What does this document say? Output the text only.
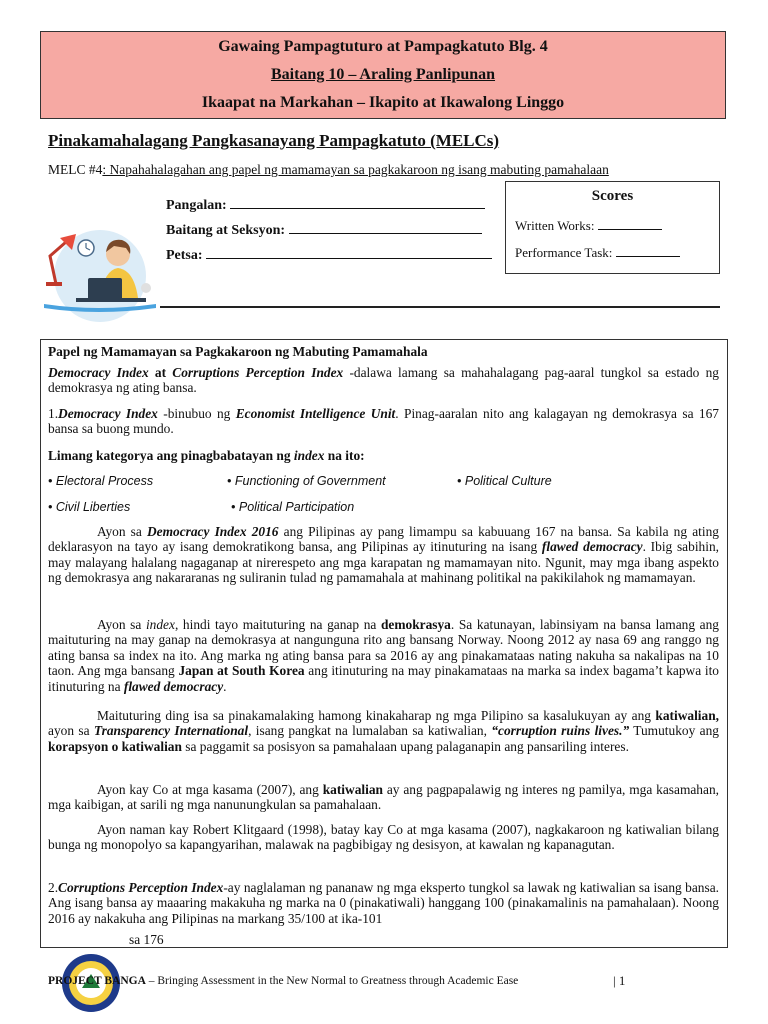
Gawaing Pampagtuturo at Pampagkatuto Blg. 4
Baitang 10 – Araling Panlipunan
Ikaapat na Markahan – Ikapito at Ikawalong Linggo
Pinakamahalagang Pangkasanayang Pampagkatuto (MELCs)
MELC #4: Napahahalagahan ang papel ng mamamayan sa pagkakaroon ng isang mabuting pamahalaan
Pangalan:
Baitang at Seksyon:
Petsa:
Scores
Written Works:
Performance Task:
Papel ng Mamamayan sa Pagkakaroon ng Mabuting Pamamahala

Democracy Index at Corruptions Perception Index -dalawa lamang sa mahahalagang pag-aaral tungkol sa estado ng demokrasya ng ating bansa.

1.Democracy Index -binubuo ng Economist Intelligence Unit. Pinag-aaralan nito ang kalagayan ng demokrasya sa 167 bansa sa buong mundo.

Limang kategorya ang pinagbabatayan ng index na ito:

• Electoral Process	• Functioning of Government	• Political Culture
• Civil Liberties	• Political Participation

Ayon sa Democracy Index 2016 ang Pilipinas ay pang limampu sa kabuuang 167 na bansa. Sa kabila ng ating deklarasyon na tayo ay isang demokratikong bansa, ang Pilipinas ay itinuturing na isang flawed democracy. Ibig sabihin, may malayang halalang nagaganap at nirerespeto ang mga karapatan ng mamamayan nito. Ngunit, may mga ibang aspekto ng demokrasya ang nakararanas ng suliranin tulad ng pamamahala at mahinang politikal na pakikilahok ng mamamayan.

Ayon sa index, hindi tayo maituturing na ganap na demokrasya. Sa katunayan, labinsiyam na bansa lamang ang maituturing na may ganap na demokrasya at nangunguna rito ang bansang Norway. Noong 2012 ay nasa 69 ang ranggo ng ating bansa sa index na ito. Ang marka ng ating bansa para sa 2016 ay ang pinakamataas nating nakuha sa nakalipas na 10 taon. Ang mga bansang Japan at South Korea ang itinuturing na may pinakamataas na marka sa index bagama’t kapwa ito itinuturing na flawed democracy.

Maituturing ding isa sa pinakamalaking hamong kinakaharap ng mga Pilipino sa kasalukuyan ay ang katiwalian, ayon sa Transparency International, isang pangkat na lumalaban sa katiwalian, “corruption ruins lives.” Tumutukoy ang korapsyon o katiwalian sa paggamit sa posisyon sa pamahalaan upang palaganapin ang pansariling interes.

Ayon kay Co at mga kasama (2007), ang katiwalian ay ang pagpapalawig ng interes ng pamilya, mga kasamahan, mga kaibigan, at sarili ng mga nanunungkulan sa pamahalaan.

Ayon naman kay Robert Klitgaard (1998), batay kay Co at mga kasama (2007), nagkakaroon ng katiwalian bilang bunga ng monopolyo sa kapangyarihan, malawak na pagbibigay ng desisyon, at kawalan ng kapanagutan.

2.Corruptions Perception Index-ay naglalaman ng pananaw ng mga eksperto tungkol sa lawak ng katiwalian sa isang bansa. Ang isang bansa ay maaaring makakuha ng marka na 0 (pinakatiwali) hanggang 100 (pinakamalinis na pamahalaan). Noong 2016 ay nakakuha ang Pilipinas na markang 35/100 at ika-101

sa 176
PROJECT BANGA – Bringing Assessment in the New Normal to Greatness through Academic Ease	| 1
